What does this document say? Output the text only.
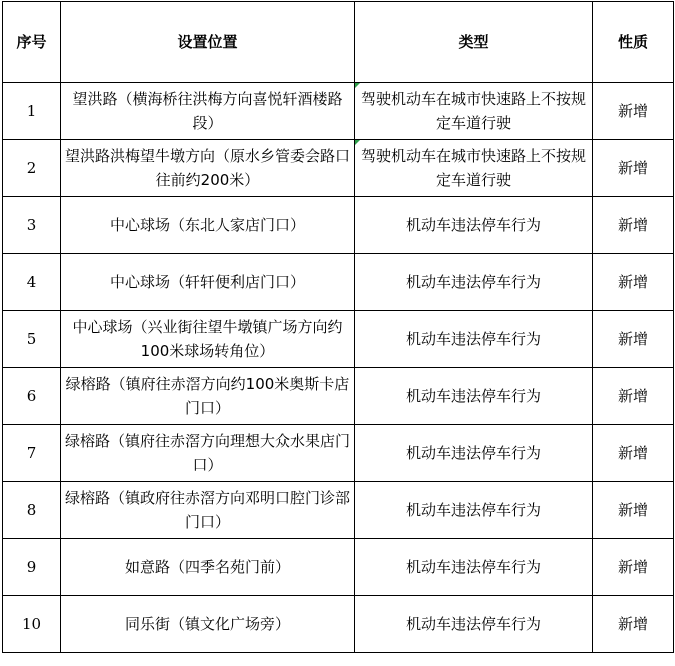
序号	设置位置	类型	性质
1	望洪路（横海桥往洪梅方向喜悦轩酒楼路段）	驾驶机动车在城市快速路上不按规定车道行驶	新增
2	望洪路洪梅望牛墩方向（原水乡管委会路口往前约200米）	驾驶机动车在城市快速路上不按规定车道行驶	新增
3	中心球场（东北人家店门口）	机动车违法停车行为	新增
4	中心球场（轩轩便利店门口）	机动车违法停车行为	新增
5	中心球场（兴业街往望牛墩镇广场方向约100米球场转角位）	机动车违法停车行为	新增
6	绿榕路（镇府往赤滘方向约100米奥斯卡店门口）	机动车违法停车行为	新增
7	绿榕路（镇府往赤滘方向理想大众水果店门口）	机动车违法停车行为	新增
8	绿榕路（镇政府往赤滘方向邓明口腔门诊部门口）	机动车违法停车行为	新增
9	如意路（四季名苑门前）	机动车违法停车行为	新增
10	同乐街（镇文化广场旁）	机动车违法停车行为	新增
